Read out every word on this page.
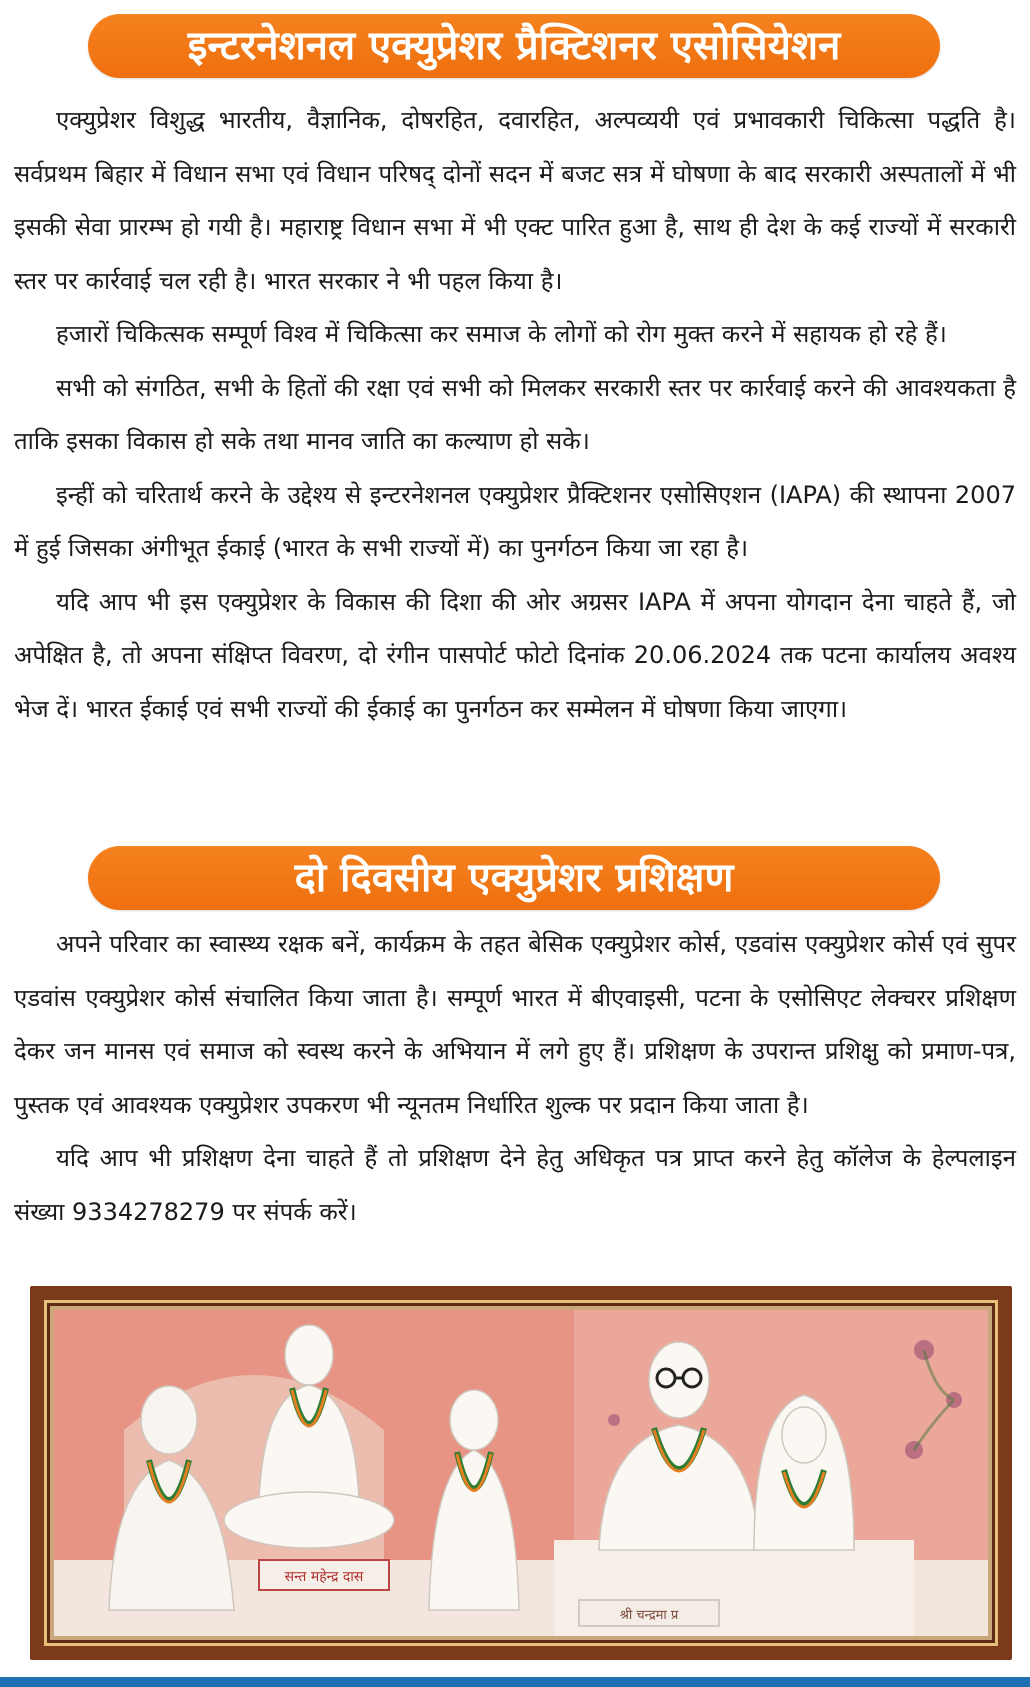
इन्टरनेशनल एक्युप्रेशर प्रैक्टिशनर एसोसियेशन

एक्युप्रेशर विशुद्ध भारतीय, वैज्ञानिक, दोषरहित, दवारहित, अल्पव्ययी एवं प्रभावकारी चिकित्सा पद्धति है। सर्वप्रथम बिहार में विधान सभा एवं विधान परिषद् दोनों सदन में बजट सत्र में घोषणा के बाद सरकारी अस्पतालों में भी इसकी सेवा प्रारम्भ हो गयी है। महाराष्ट्र विधान सभा में भी एक्ट पारित हुआ है, साथ ही देश के कई राज्यों में सरकारी स्तर पर कार्रवाई चल रही है। भारत सरकार ने भी पहल किया है।

हजारों चिकित्सक सम्पूर्ण विश्व में चिकित्सा कर समाज के लोगों को रोग मुक्त करने में सहायक हो रहे हैं।

सभी को संगठित, सभी के हितों की रक्षा एवं सभी को मिलकर सरकारी स्तर पर कार्रवाई करने की आवश्यकता है ताकि इसका विकास हो सके तथा मानव जाति का कल्याण हो सके।

इन्हीं को चरितार्थ करने के उद्देश्य से इन्टरनेशनल एक्युप्रेशर प्रैक्टिशनर एसोसिएशन (IAPA) की स्थापना 2007 में हुई जिसका अंगीभूत ईकाई (भारत के सभी राज्यों में) का पुनर्गठन किया जा रहा है।

यदि आप भी इस एक्युप्रेशर के विकास की दिशा की ओर अग्रसर IAPA में अपना योगदान देना चाहते हैं, जो अपेक्षित है, तो अपना संक्षिप्त विवरण, दो रंगीन पासपोर्ट फोटो दिनांक 20.06.2024 तक पटना कार्यालय अवश्य भेज दें। भारत ईकाई एवं सभी राज्यों की ईकाई का पुनर्गठन कर सम्मेलन में घोषणा किया जाएगा।

दो दिवसीय एक्युप्रेशर प्रशिक्षण

अपने परिवार का स्वास्थ्य रक्षक बनें, कार्यक्रम के तहत बेसिक एक्युप्रेशर कोर्स, एडवांस एक्युप्रेशर कोर्स एवं सुपर एडवांस एक्युप्रेशर कोर्स संचालित किया जाता है। सम्पूर्ण भारत में बीएवाइसी, पटना के एसोसिएट लेक्चरर प्रशिक्षण देकर जन मानस एवं समाज को स्वस्थ करने के अभियान में लगे हुए हैं। प्रशिक्षण के उपरान्त प्रशिक्षु को प्रमाण-पत्र, पुस्तक एवं आवश्यक एक्युप्रेशर उपकरण भी न्यूनतम निर्धारित शुल्क पर प्रदान किया जाता है।

यदि आप भी प्रशिक्षण देना चाहते हैं तो प्रशिक्षण देने हेतु अधिकृत पत्र प्राप्त करने हेतु कॉलेज के हेल्पलाइन संख्या 9334278279 पर संपर्क करें।

सन्त महेन्द्र दास
श्री चन्द्रमा प्र
